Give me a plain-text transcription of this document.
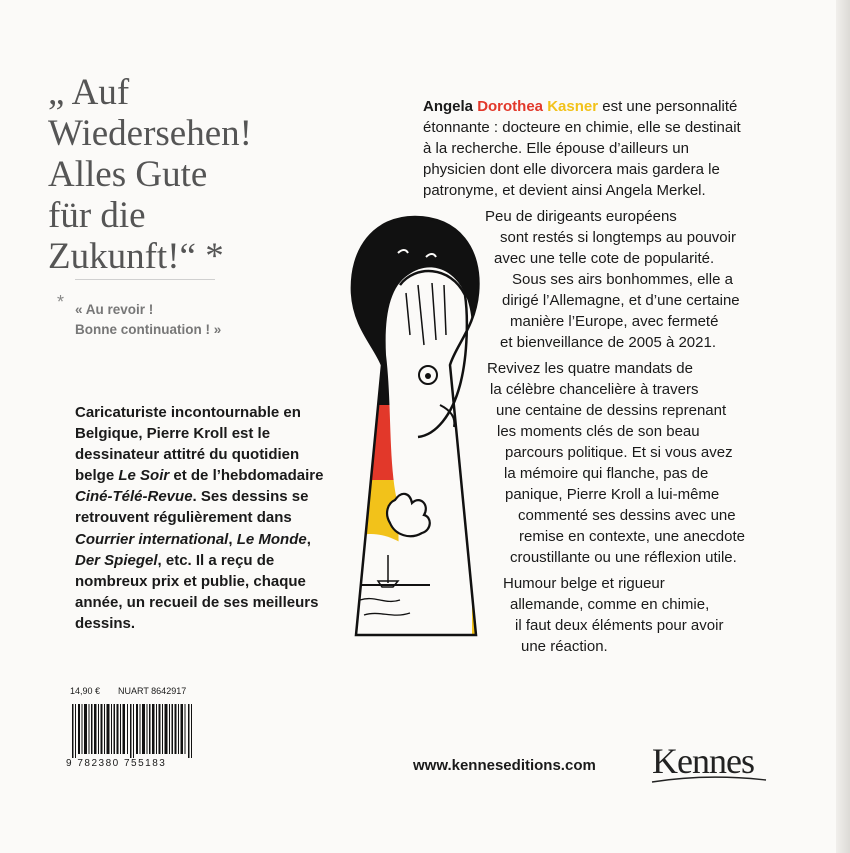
„ Auf
Wiedersehen!
Alles Gute
für die
Zukunft!“ *
* « Au revoir !
Bonne continuation ! »

Caricaturiste incontournable en Belgique, Pierre Kroll est le dessinateur attitré du quotidien belge Le Soir et de l’hebdomadaire Ciné-Télé-Revue. Ses dessins se retrouvent régulièrement dans Courrier international, Le Monde, Der Spiegel, etc. Il a reçu de nombreux prix et publie, chaque année, un recueil de ses meilleurs dessins.

Angela Dorothea Kasner est une personnalité
étonnante : docteure en chimie, elle se destinait
à la recherche. Elle épouse d’ailleurs un
physicien dont elle divorcera mais gardera le
patronyme, et devient ainsi Angela Merkel.
Peu de dirigeants européens
sont restés si longtemps au pouvoir
avec une telle cote de popularité.
Sous ses airs bonhommes, elle a
dirigé l’Allemagne, et d’une certaine
manière l’Europe, avec fermeté
et bienveillance de 2005 à 2021.
Revivez les quatre mandats de
la célèbre chancelière à travers
une centaine de dessins reprenant
les moments clés de son beau
parcours politique. Et si vous avez
la mémoire qui flanche, pas de
panique, Pierre Kroll a lui-même
commenté ses dessins avec une
remise en contexte, une anecdote
croustillante ou une réflexion utile.
Humour belge et rigueur
allemande, comme en chimie,
il faut deux éléments pour avoir
une réaction.
14,90 € NUART 8642917
9 782380 755183	www.kenneseditions.com Kennes
